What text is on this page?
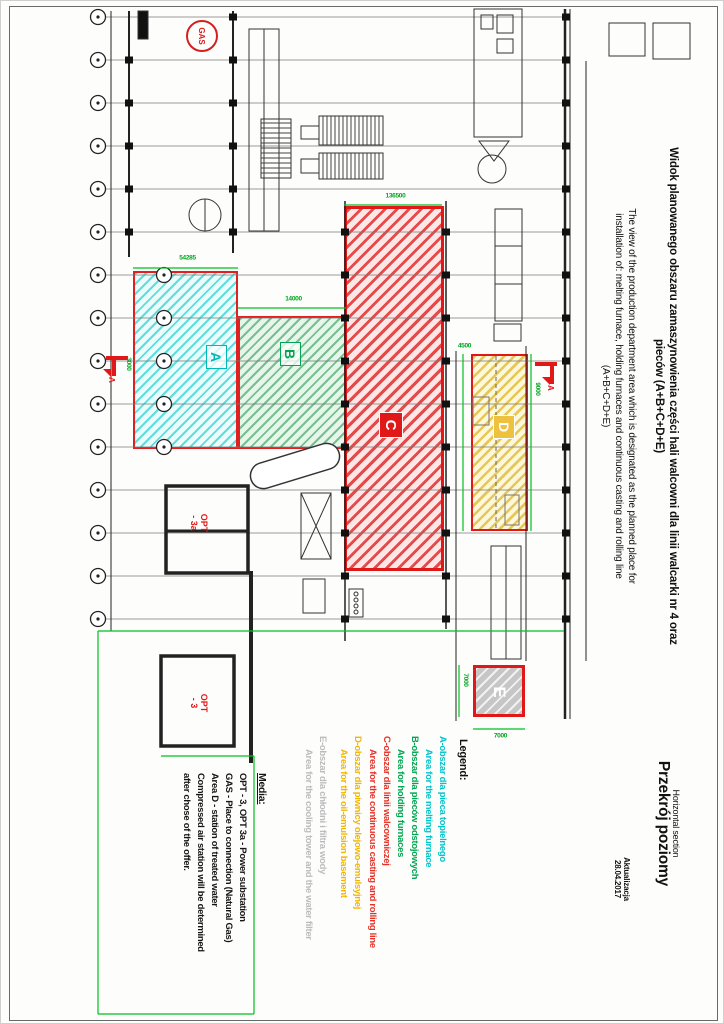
A	B
C	D
E
GAS
OPT
- 3a
OPT
- 3
A
A
54285
14000
136500
4500
9000
7000
7000
3000	Widok planowanego obszaru zamaszynowienia części hali walcowni dla linii walcarki nr 4 oraz
pieców (A+B+C+D+E)
The view of the production department area which is designated as the planned place for
installation of: melting furnace, holding furnaces and continuous casting and rolling line
(A+B+C+D+E)
Horizontal section
Przekrój poziomy
Aktualizacja
28.04.2017
Legend:
A-obszar dla pieca topielnego
Area for the melting furnace
B-obszar dla pieców odstojowych
Area for holding furnaces
C-obszar dla linii walcowniczej
Area for the continuous casting and rolling line
D-obszar dla piwnicy olejowo-emulsyjnej
Area for the oil-emulsion basement
E-obszar dla chłodni i filtra wody
Area for the cooling tower and the water filter
Media:
OPT - 3, OPT 3a - Power substation
GAS - Place to connection (Natural Gas)
Area D - station of treated water
Compressed air station will be determined
after chose of the offer.
